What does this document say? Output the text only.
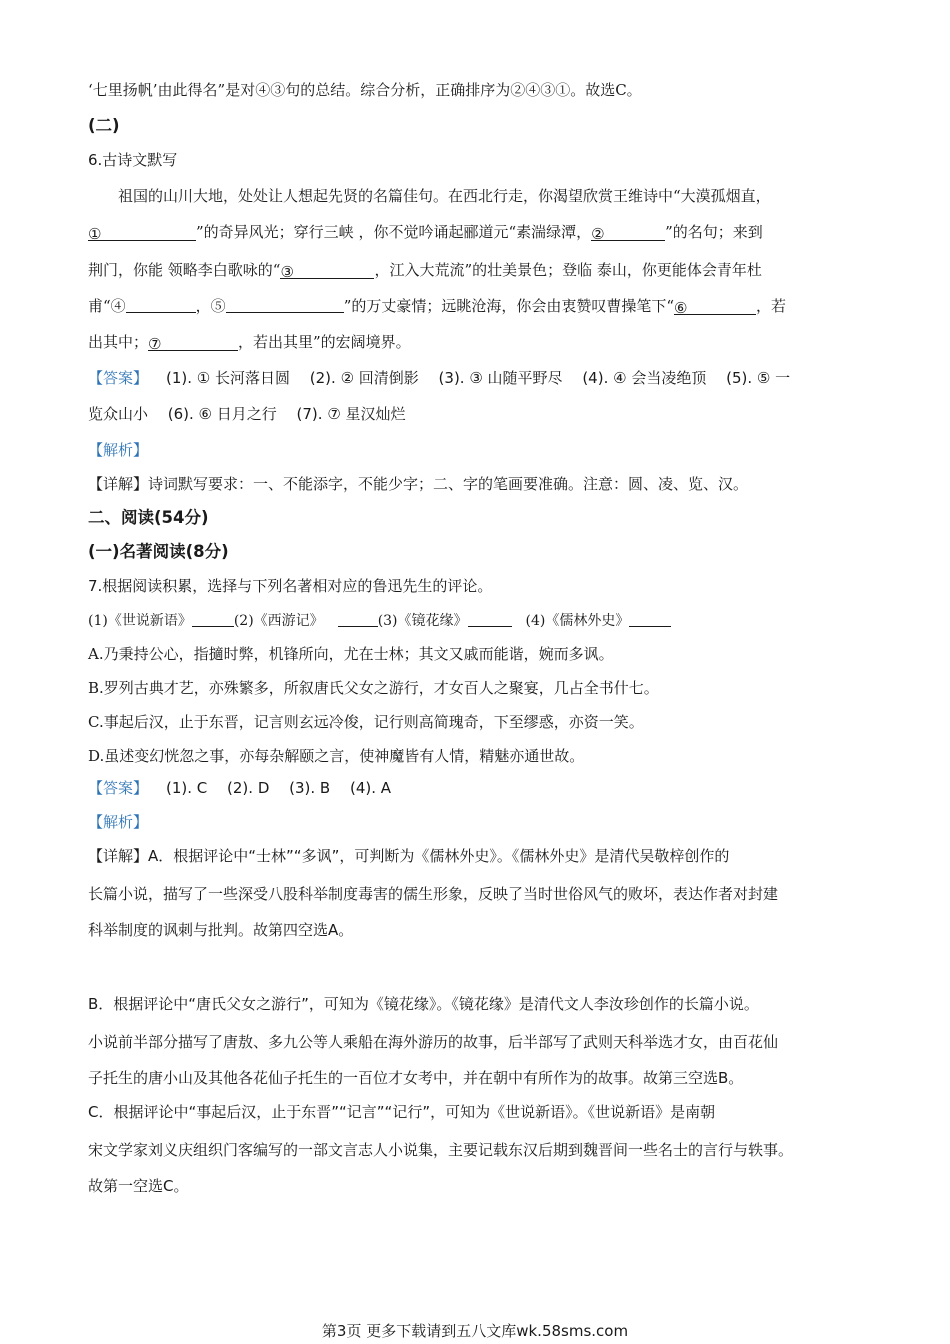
‘七里扬帆’由此得名”是对④③句的总结。综合分析，正确排序为②④③①。故选C。
(二)
6.古诗文默写
祖国的山川大地，处处让人想起先贤的名篇佳句。在西北行走，你渴望欣赏王维诗中“大漠孤烟直，
①	”的奇异风光；穿行三峡 ，你不觉吟诵起郦道元“素湍绿潭，②	”的名句；来到
荆门，你能 领略李白歌咏的“③	，江入大荒流”的壮美景色；登临 泰山，你更能体会青年杜
甫“④	，⑤	”的万丈豪情；远眺沧海，你会由衷赞叹曹操笔下“⑥	，若
出其中；⑦	，若出其里”的宏阔境界。
【答案】 (1). ① 长河落日圆　 (2). ② 回清倒影　 (3). ③ 山随平野尽　 (4). ④ 会当凌绝顶　 (5). ⑤ 一
览众山小　 (6). ⑥ 日月之行　 (7). ⑦ 星汉灿烂
【解析】
【详解】诗词默写要求：一、不能添字，不能少字；二、字的笔画要准确。注意：圆、凌、览、汉。
二、阅读(54分)
(一)名著阅读(8分)
7.根据阅读积累，选择与下列名著相对应的鲁迅先生的评论。
(1)《世说新语》	(2)《西游记》	(3)《镜花缘》	(4)《儒林外史》
A.乃秉持公心，指擿时弊，机锋所向，尤在士林；其文又戚而能谐，婉而多讽。
B.罗列古典才艺，亦殊繁多，所叙唐氏父女之游行，才女百人之聚宴，几占全书什七。
C.事起后汉，止于东晋，记言则玄远冷俊，记行则高简瑰奇，下至缪惑，亦资一笑。
D.虽述变幻恍忽之事，亦每杂解颐之言，使神魔皆有人情，精魅亦通世故。
【答案】 (1). C　 (2). D　 (3). B　 (4). A
【解析】
【详解】A．根据评论中“士林”“多讽”，可判断为《儒林外史》。《儒林外史》是清代吴敬梓创作的
长篇小说，描写了一些深受八股科举制度毒害的儒生形象，反映了当时世俗风气的败坏，表达作者对封建
科举制度的讽刺与批判。故第四空选A。
B．根据评论中“唐氏父女之游行”，可知为《镜花缘》。《镜花缘》是清代文人李汝珍创作的长篇小说。
小说前半部分描写了唐敖、多九公等人乘船在海外游历的故事，后半部写了武则天科举选才女，由百花仙
子托生的唐小山及其他各花仙子托生的一百位才女考中，并在朝中有所作为的故事。故第三空选B。
C．根据评论中“事起后汉，止于东晋”“记言”“记行”，可知为《世说新语》。《世说新语》是南朝
宋文学家刘义庆组织门客编写的一部文言志人小说集，主要记载东汉后期到魏晋间一些名士的言行与轶事。
故第一空选C。
第3页 更多下载请到五八文库wk.58sms.com
